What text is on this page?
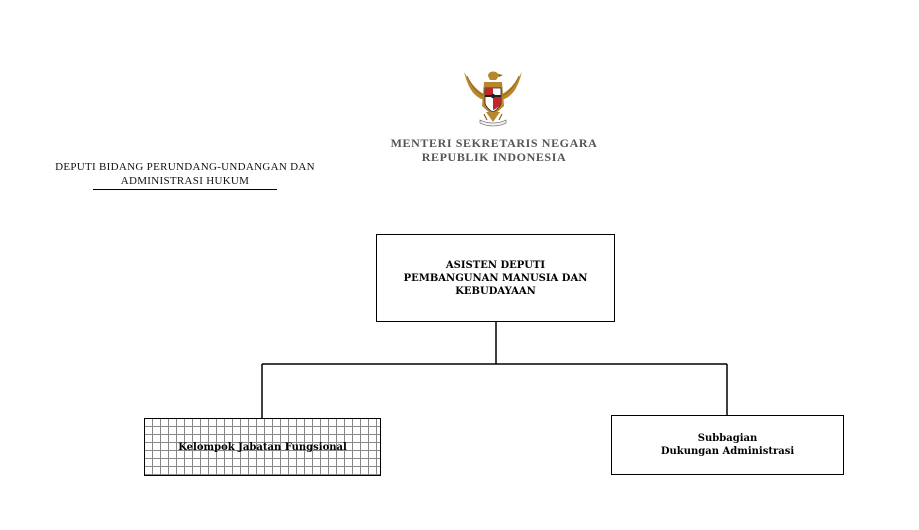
MENTERI SEKRETARIS NEGARA
REPUBLIK INDONESIA
DEPUTI BIDANG PERUNDANG-UNDANGAN DAN
ADMINISTRASI HUKUM
ASISTEN DEPUTI
PEMBANGUNAN MANUSIA DAN
KEBUDAYAAN
Kelompok Jabatan Fungsional
Subbagian
Dukungan Administrasi
